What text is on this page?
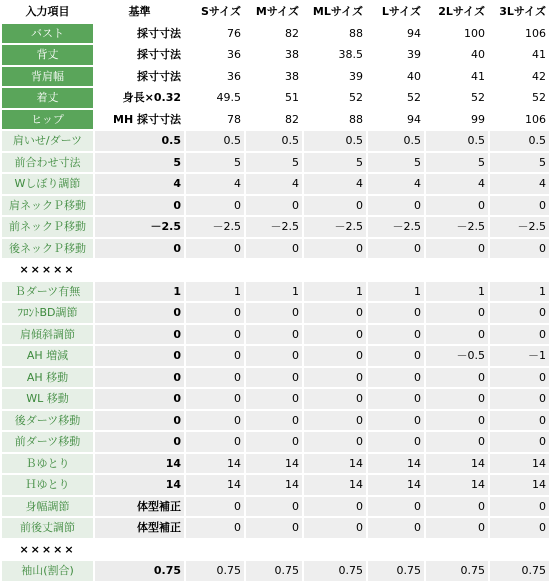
入力項目	基準	Sサイズ	Mサイズ	MLサイズ	Lサイズ	2Lサイズ	3Lサイズ
バスト	採寸寸法	76	82	88	94	100	106
背丈	採寸寸法	36	38	38.5	39	40	41
背肩幅	採寸寸法	36	38	39	40	41	42
着丈	身長×0.32	49.5	51	52	52	52	52
ヒップ	MH 採寸寸法	78	82	88	94	99	106
肩いせ/ダーツ	0.5	0.5	0.5	0.5	0.5	0.5	0.5
前合わせ寸法	5	5	5	5	5	5	5
Wしぼり調節	4	4	4	4	4	4	4
肩ネックＰ移動	0	0	0	0	0	0	0
前ネックＰ移動	－2.5	－2.5	－2.5	－2.5	－2.5	－2.5	－2.5
後ネックＰ移動	0	0	0	0	0	0	0
×××××							
Ｂダーツ有無	1	1	1	1	1	1	1
ﾌﾛﾝﾄBD調節	0	0	0	0	0	0	0
肩傾斜調節	0	0	0	0	0	0	0
AH 増減	0	0	0	0	0	－0.5	－1
AH 移動	0	0	0	0	0	0	0
WL 移動	0	0	0	0	0	0	0
後ダーツ移動	0	0	0	0	0	0	0
前ダーツ移動	0	0	0	0	0	0	0
Ｂゆとり	14	14	14	14	14	14	14
Ｈゆとり	14	14	14	14	14	14	14
身幅調節	体型補正	0	0	0	0	0	0
前後丈調節	体型補正	0	0	0	0	0	0
×××××							
袖山(割合)	0.75	0.75	0.75	0.75	0.75	0.75	0.75
